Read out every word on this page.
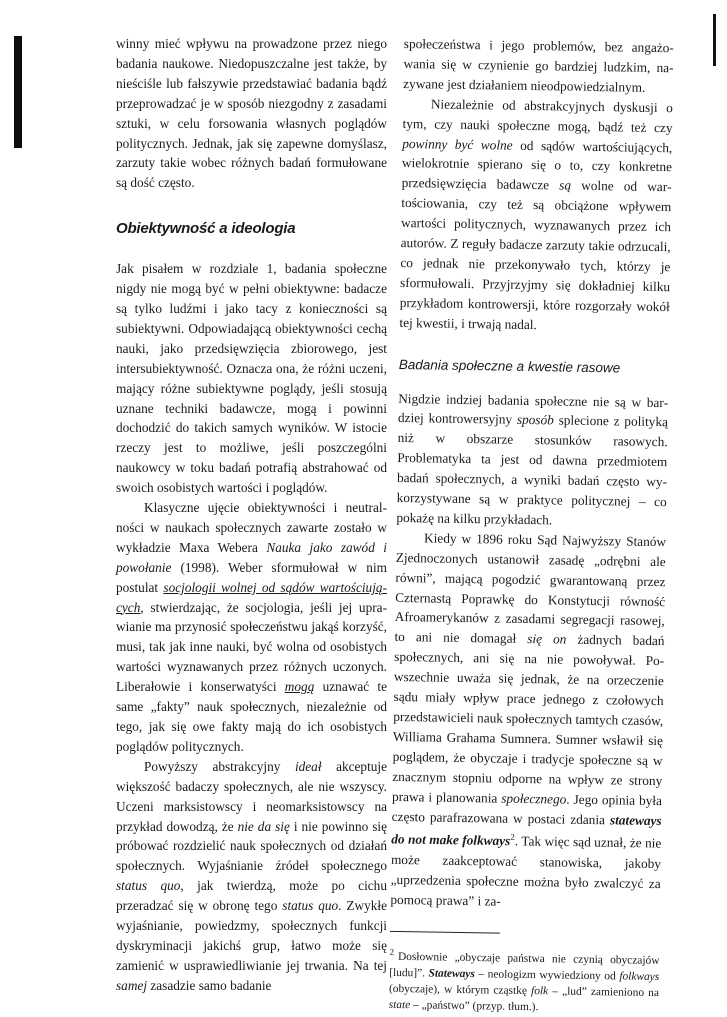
winny mieć wpływu na prowadzone przez niego badania naukowe. Niedopuszczalne jest także, by nieściśle lub fałszywie przedstawiać badania bądź przeprowadzać je w sposób niezgodny z zasadami sztuki, w celu forsowania własnych poglądów politycznych. Jednak, jak się zapewne domyślasz, zarzuty takie wobec różnych badań formułowane są dość często.

Obiektywność a ideologia

Jak pisałem w rozdziale 1, badania społeczne nigdy nie mogą być w pełni obiektywne: badacze są tylko ludźmi i jako tacy z konieczności są subiektywni. Odpowiadającą obiektywności cechą nauki, jako przedsięwzięcia zbiorowego, jest intersubiektywność. Oznacza ona, że różni uczeni, mający różne subiektywne poglądy, jeśli stosują uznane techniki badawcze, mogą i powinni dochodzić do takich samych wyników. W istocie rzeczy jest to możliwe, jeśli poszczególni naukowcy w toku badań potrafią abstrahować od swoich osobistych wartości i poglądów.

Klasyczne ujęcie obiektywności i neutralności w naukach społecznych zawarte zostało w wykładzie Maxa Webera Nauka jako zawód i powołanie (1998). Weber sformułował w nim postulat socjologii wolnej od sądów wartościujących, stwierdzając, że socjologia, jeśli jej uprawianie ma przynosić społeczeństwu jakąś korzyść, musi, tak jak inne nauki, być wolna od osobistych wartości wyznawanych przez różnych uczonych. Liberałowie i konserwatyści mogą uznawać te same „fakty” nauk społecznych, niezależnie od tego, jak się owe fakty mają do ich osobistych poglądów politycznych.

Powyższy abstrakcyjny ideał akceptuje większość badaczy społecznych, ale nie wszyscy. Uczeni marksistowscy i neomarksistowscy na przykład dowodzą, że nie da się i nie powinno się próbować rozdzielić nauk społecznych od działań społecznych. Wyjaśnianie źródeł społecznego status quo, jak twierdzą, może po cichu przeradzać się w obronę tego status quo. Zwykłe wyjaśnianie, powiedzmy, społecznych funkcji dyskryminacji jakichś grup, łatwo może się zamienić w usprawiedliwianie jej trwania. Na tej samej zasadzie samo badanie

społeczeństwa i jego problemów, bez angażowania się w czynienie go bardziej ludzkim, nazywane jest działaniem nieodpowiedzialnym.

Niezależnie od abstrakcyjnych dyskusji o tym, czy nauki społeczne mogą, bądź też czy powinny być wolne od sądów wartościujących, wielokrotnie spierano się o to, czy konkretne przedsięwzięcia badawcze są wolne od wartościowania, czy też są obciążone wpływem wartości politycznych, wyznawanych przez ich autorów. Z reguły badacze zarzuty takie odrzucali, co jednak nie przekonywało tych, którzy je sformułowali. Przyjrzyjmy się dokładniej kilku przykładom kontrowersji, które rozgorzały wokół tej kwestii, i trwają nadal.

Badania społeczne a kwestie rasowe

Nigdzie indziej badania społeczne nie są w bardziej kontrowersyjny sposób splecione z polityką niż w obszarze stosunków rasowych. Problematyka ta jest od dawna przedmiotem badań społecznych, a wyniki badań często wykorzystywane są w praktyce politycznej – co pokażę na kilku przykładach.

Kiedy w 1896 roku Sąd Najwyższy Stanów Zjednoczonych ustanowił zasadę „odrębni ale równi”, mającą pogodzić gwarantowaną przez Czternastą Poprawkę do Konstytucji równość Afroamerykanów z zasadami segregacji rasowej, to ani nie domagał się on żadnych badań społecznych, ani się na nie powoływał. Powszechnie uważa się jednak, że na orzeczenie sądu miały wpływ prace jednego z czołowych przedstawicieli nauk społecznych tamtych czasów, Williama Grahama Sumnera. Sumner wsławił się poglądem, że obyczaje i tradycje społeczne są w znacznym stopniu odporne na wpływ ze strony prawa i planowania społecznego. Jego opinia była często parafrazowana w postaci zdania stateways do not make folkways$^2$. Tak więc sąd uznał, że nie może zaakceptować stanowiska, jakoby „uprzedzenia społeczne można było zwalczyć za pomocą prawa” i za-

$^2$ Dosłownie „obyczaje państwa nie czynią obyczajów [ludu]”. Stateways – neologizm wywiedziony od folkways (obyczaje), w którym cząstkę folk – „lud” zamieniono na state – „państwo” (przyp. tłum.).
